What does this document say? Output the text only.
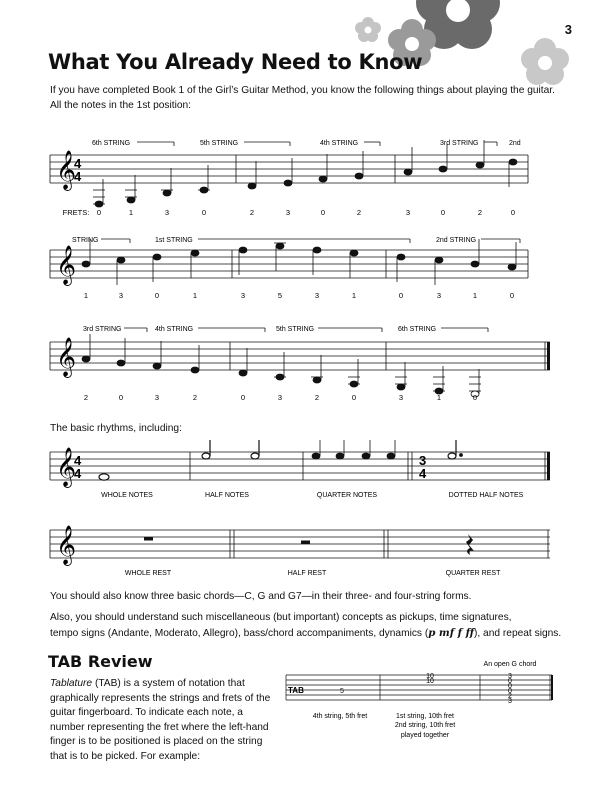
3
What You Already Need to Know
If you have completed Book 1 of the Girl’s Guitar Method, you know the following things about playing the guitar.
All the notes in the 1st position:
𝄞
4
4
6th STRING	5th STRING	4th STRING	3rd STRING	2nd
FRETS: 0	1	3	0	2	3	0	2	3	0	2	0
𝄞
STRING	1st STRING	2nd STRING
1	3	0	1	3	5	3	1	0	3	1	0
𝄞
3rd STRING	4th STRING	5th STRING	6th STRING
2	0	3	2	0	3	2	0	3	1	0
The basic rhythms, including:
𝄞
4
4
3
4
WHOLE NOTES	HALF NOTES	QUARTER NOTES	DOTTED HALF NOTES
𝄞
WHOLE REST	HALF REST	QUARTER REST
You should also know three basic chords—C, G and G7—in their three- and four-string forms.
Also, you should understand such miscellaneous (but important) concepts as pickups, time signatures,
tempo signs (Andante, Moderato, Allegro), bass/chord accompaniments, dynamics (p mf f ff), and repeat signs.
TAB Review
Tablature (TAB) is a system of notation that graphically represents the strings and frets of the guitar fingerboard. To indicate each note, a number representing the fret where the left-hand finger is to be positioned is placed on the string that is to be picked. For example:
An open G chord
TAB	5
10
10
3
0
0
0
2
3
4th string, 5th fret	1st string, 10th fret
2nd string, 10th fret
played together
